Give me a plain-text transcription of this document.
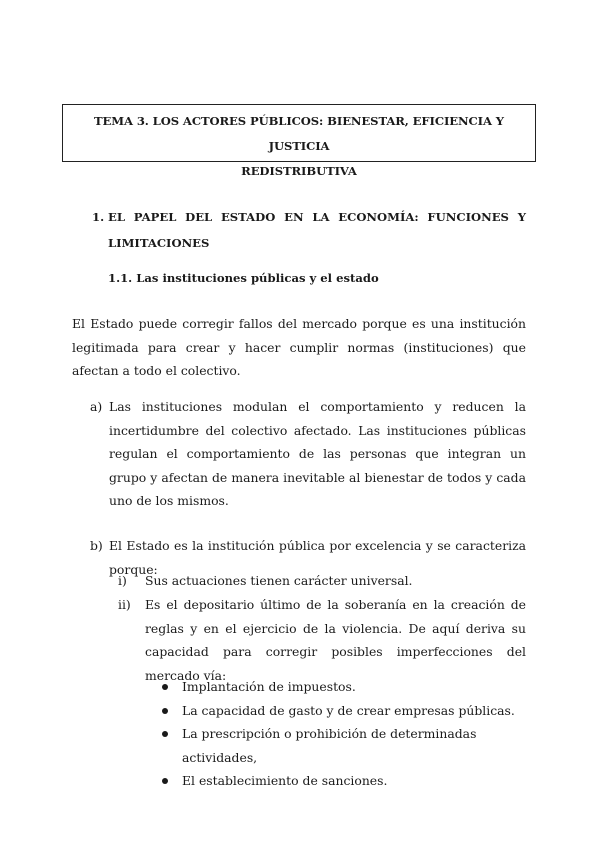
TEMA 3. LOS ACTORES PÚBLICOS: BIENESTAR, EFICIENCIA Y JUSTICIA
REDISTRIBUTIVA
1. EL PAPEL DEL ESTADO EN LA ECONOMÍA: FUNCIONES Y
LIMITACIONES
1.1. Las instituciones públicas y el estado
El Estado puede corregir fallos del mercado porque es una institución legitimada para crear y hacer cumplir normas (instituciones) que afectan a todo el colectivo.
a) Las instituciones modulan el comportamiento y reducen la incertidumbre del colectivo afectado. Las instituciones públicas regulan el comportamiento de las personas que integran un grupo y afectan de manera inevitable al bienestar de todos y cada uno de los mismos.
b) El Estado es la institución pública por excelencia y se caracteriza porque:
i) Sus actuaciones tienen carácter universal.
ii) Es el depositario último de la soberanía en la creación de reglas y en el ejercicio de la violencia. De aquí deriva su capacidad para corregir posibles imperfecciones del mercado vía:
Implantación de impuestos.
La capacidad de gasto y de crear empresas públicas.
La prescripción o prohibición de determinadas actividades,
El establecimiento de sanciones.
